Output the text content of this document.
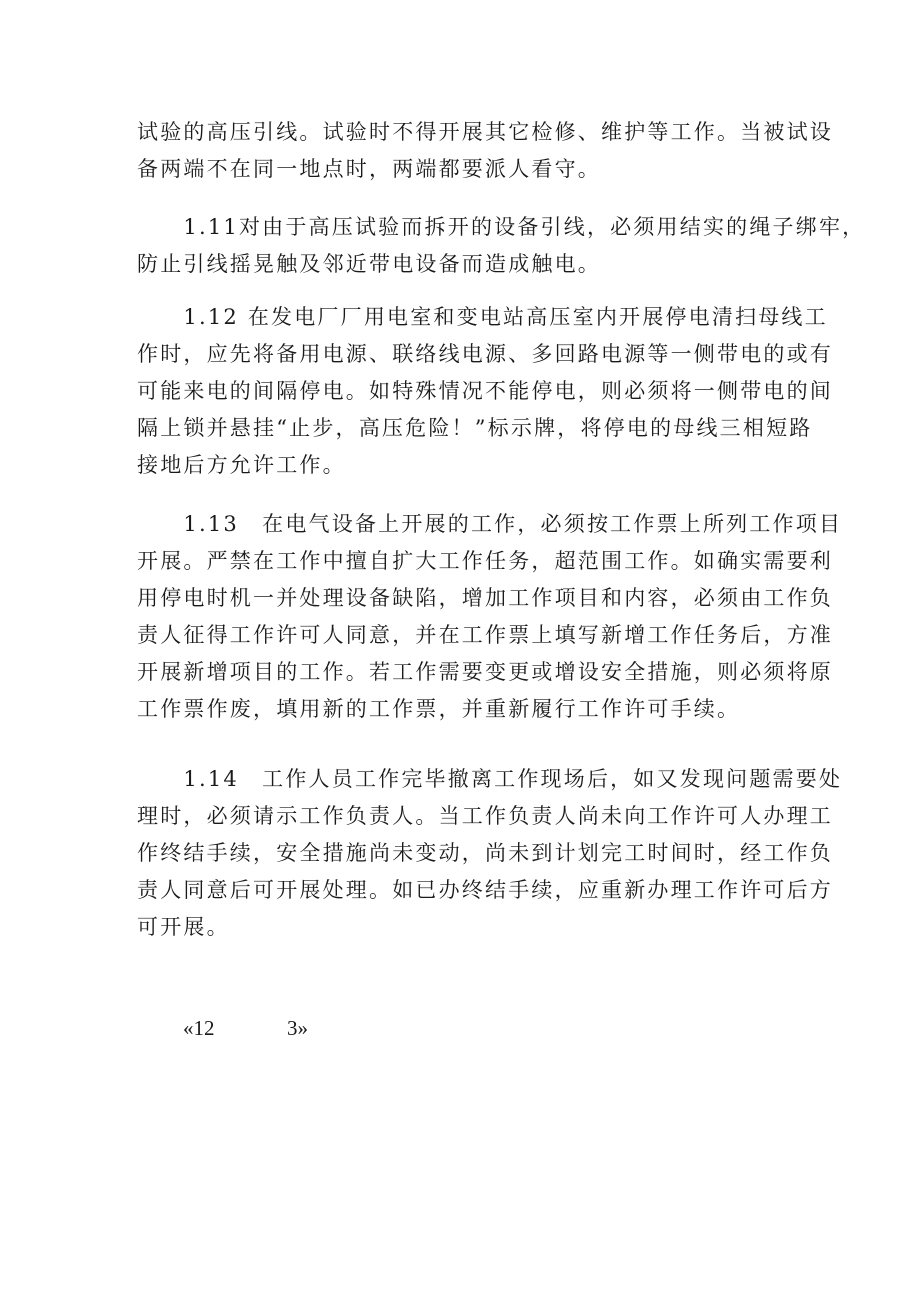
试验的高压引线。试验时不得开展其它检修、维护等工作。当被试设
备两端不在同一地点时，两端都要派人看守。

　　1.11对由于高压试验而拆开的设备引线，必须用结实的绳子绑牢，
防止引线摇晃触及邻近带电设备而造成触电。

　　1.12 在发电厂厂用电室和变电站高压室内开展停电清扫母线工
作时，应先将备用电源、联络线电源、多回路电源等一侧带电的或有
可能来电的间隔停电。如特殊情况不能停电，则必须将一侧带电的间
隔上锁并悬挂“止步，高压危险！”标示牌，将停电的母线三相短路
接地后方允许工作。

　　1.13　在电气设备上开展的工作，必须按工作票上所列工作项目
开展。严禁在工作中擅自扩大工作任务，超范围工作。如确实需要利
用停电时机一并处理设备缺陷，增加工作项目和内容，必须由工作负
责人征得工作许可人同意，并在工作票上填写新增工作任务后，方准
开展新增项目的工作。若工作需要变更或增设安全措施，则必须将原
工作票作废，填用新的工作票，并重新履行工作许可手续。

　　1.14　工作人员工作完毕撤离工作现场后，如又发现问题需要处
理时，必须请示工作负责人。当工作负责人尚未向工作许可人办理工
作终结手续，安全措施尚未变动，尚未到计划完工时间时，经工作负
责人同意后可开展处理。如已办终结手续，应重新办理工作许可后方
可开展。

«12	3»
